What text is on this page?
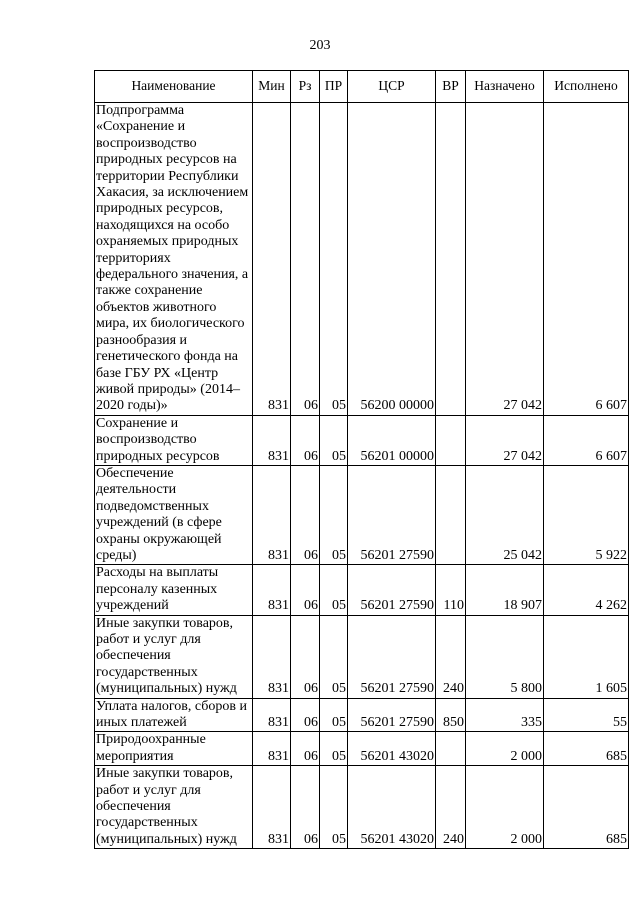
203
Наименование	Мин	Рз	ПР	ЦСР	ВР	Назначено	Исполнено
Подпрограмма «Сохранение и воспроизводство природных ресурсов на территории Республики Хакасия, за исключением природных ресурсов, находящихся на особо охраняемых природных территориях федерального значения, а также сохранение объектов животного мира, их биологического разнообразия и генетического фонда на базе ГБУ РХ «Центр живой природы» (2014–2020 годы)»	831	06	05	56200 00000		27 042	6 607
Сохранение и воспроизводство природных ресурсов	831	06	05	56201 00000		27 042	6 607
Обеспечение деятельности подведомственных учреждений (в сфере охраны окружающей среды)	831	06	05	56201 27590		25 042	5 922
Расходы на выплаты персоналу казенных учреждений	831	06	05	56201 27590	110	18 907	4 262
Иные закупки товаров, работ и услуг для обеспечения государственных (муниципальных) нужд	831	06	05	56201 27590	240	5 800	1 605
Уплата налогов, сборов и иных платежей	831	06	05	56201 27590	850	335	55
Природоохранные мероприятия	831	06	05	56201 43020		2 000	685
Иные закупки товаров, работ и услуг для обеспечения государственных (муниципальных) нужд	831	06	05	56201 43020	240	2 000	685
